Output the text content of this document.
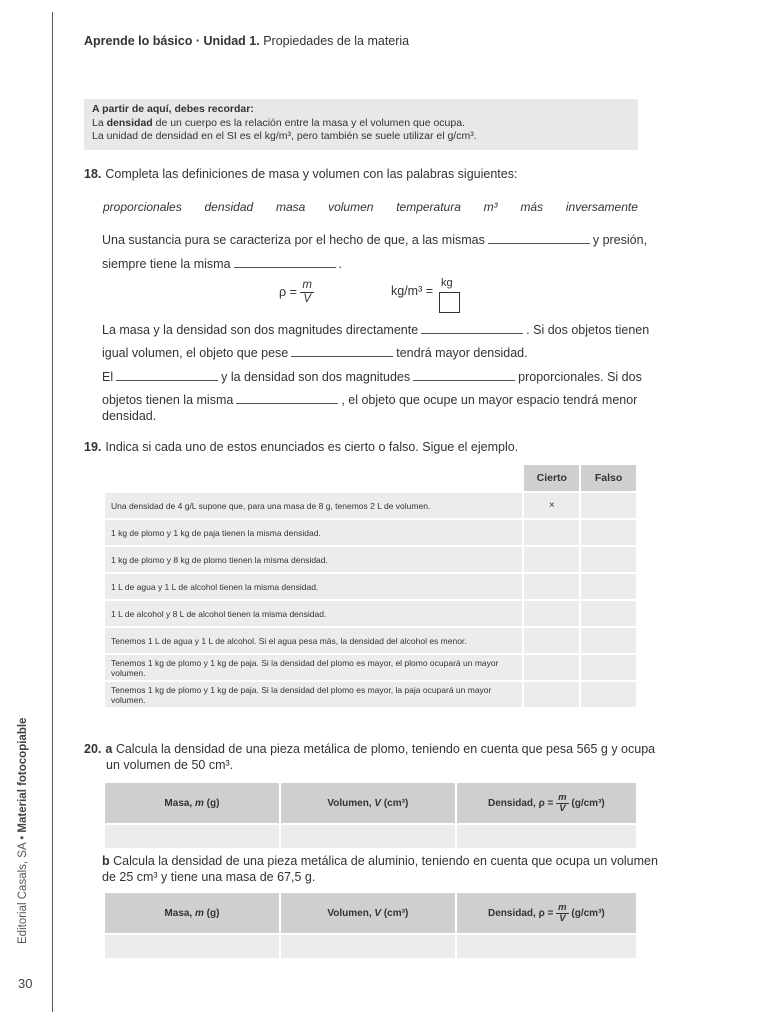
Editorial Casals, SA • Material fotocopiable
30
Aprende lo básico · Unidad 1. Propiedades de la materia
A partir de aquí, debes recordar:
La densidad de un cuerpo es la relación entre la masa y el volumen que ocupa.
La unidad de densidad en el SI es el kg/m³, pero también se suele utilizar el g/cm³.
18. Completa las definiciones de masa y volumen con las palabras siguientes:
proporcionales densidad masa volumen temperatura m³ más inversamente
Una sustancia pura se caracteriza por el hecho de que, a las mismas	y presión,
siempre tiene la misma	.
$\rho = \frac{m}{V}$	kg/m³ =
kg
La masa y la densidad son dos magnitudes directamente	. Si dos objetos tienen
igual volumen, el objeto que pese	tendrá mayor densidad.
El	y la densidad son dos magnitudes	proporcionales. Si dos
objetos tienen la misma	, el objeto que ocupe un mayor espacio tendrá menor
densidad.
19. Indica si cada uno de estos enunciados es cierto o falso. Sigue el ejemplo.
	Cierto	Falso
Una densidad de 4 g/L supone que, para una masa de 8 g, tenemos 2 L de volumen.	×	
1 kg de plomo y 1 kg de paja tienen la misma densidad.		
1 kg de plomo y 8 kg de plomo tienen la misma densidad.		
1 L de agua y 1 L de alcohol tienen la misma densidad.		
1 L de alcohol y 8 L de alcohol tienen la misma densidad.		
Tenemos 1 L de agua y 1 L de alcohol. Si el agua pesa más, la densidad del alcohol es menor.		
Tenemos 1 kg de plomo y 1 kg de paja. Si la densidad del plomo es mayor, el plomo ocupará un mayor volumen.		
Tenemos 1 kg de plomo y 1 kg de paja. Si la densidad del plomo es mayor, la paja ocupará un mayor volumen.		
20. a Calcula la densidad de una pieza metálica de plomo, teniendo en cuenta que pesa 565 g y ocupa
un volumen de 50 cm³.
Masa, m (g)	Volumen, V (cm³)	Densidad, $\rho = \frac{m}{V} (g/cm^3)$

b Calcula la densidad de una pieza metálica de aluminio, teniendo en cuenta que ocupa un volumen
de 25 cm³ y tiene una masa de 67,5 g.
Masa, m (g)	Volumen, V (cm³)	Densidad, $\rho = \frac{m}{V} (g/cm^3)$
